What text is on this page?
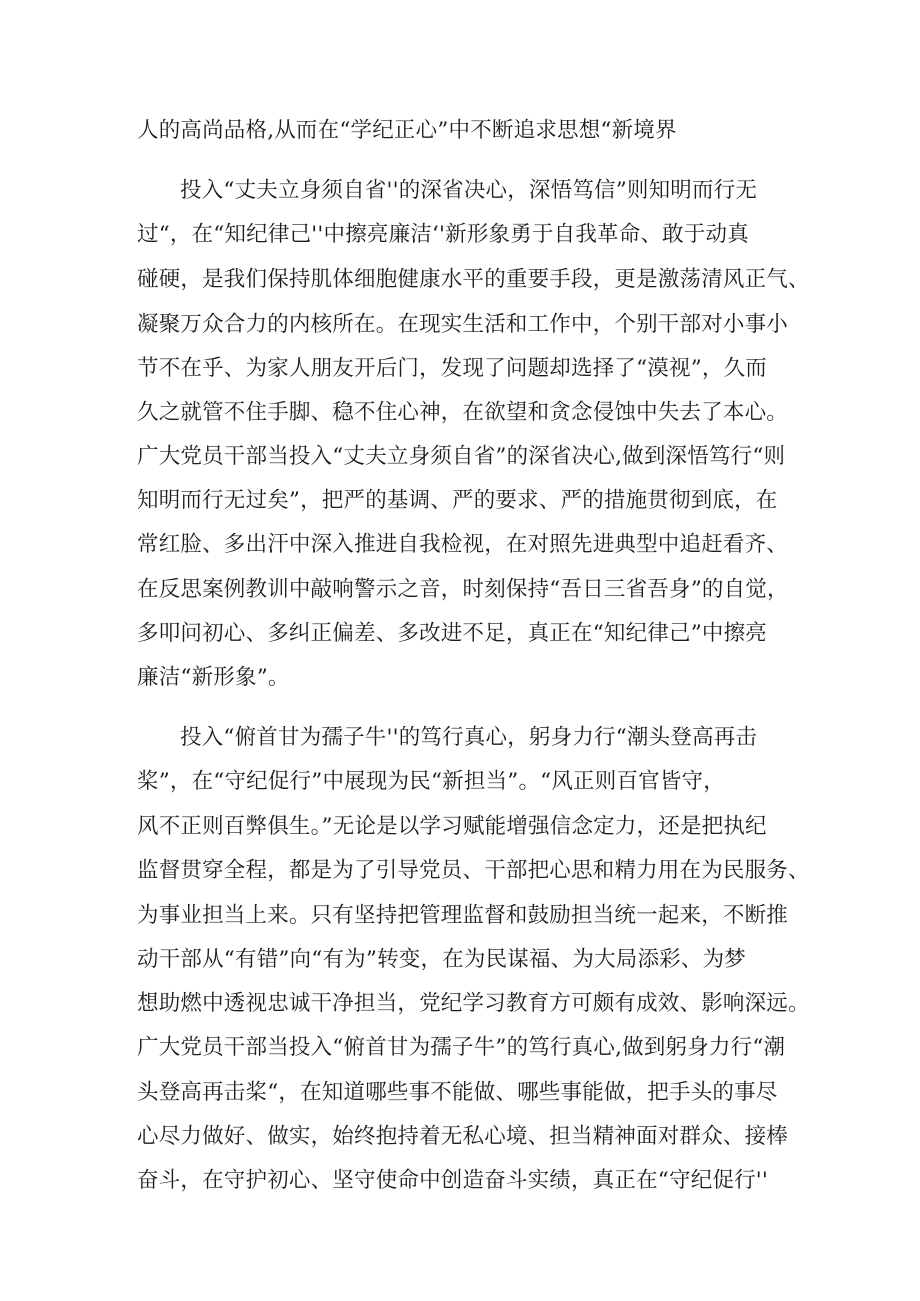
人的高尚品格,从而在“学纪正心”中不断追求思想“新境界
投入“丈夫立身须自省''的深省决心，深悟笃信”则知明而行无
过“，在“知纪律己''中擦亮廉洁‘'新形象勇于自我革命、敢于动真
碰硬，是我们保持肌体细胞健康水平的重要手段，更是激荡清风正气、
凝聚万众合力的内核所在。在现实生活和工作中，个别干部对小事小
节不在乎、为家人朋友开后门，发现了问题却选择了“漠视”，久而
久之就管不住手脚、稳不住心神，在欲望和贪念侵蚀中失去了本心。
广大党员干部当投入“丈夫立身须自省”的深省决心,做到深悟笃行“则
知明而行无过矣”，把严的基调、严的要求、严的措施贯彻到底，在
常红脸、多出汗中深入推进自我检视，在对照先进典型中追赶看齐、
在反思案例教训中敲响警示之音，时刻保持“吾日三省吾身”的自觉，
多叩问初心、多纠正偏差、多改进不足，真正在“知纪律己”中擦亮
廉洁“新形象”。
投入“俯首甘为孺子牛''的笃行真心，躬身力行“潮头登高再击
桨”，在“守纪促行”中展现为民“新担当”。“风正则百官皆守，
风不正则百弊俱生。”无论是以学习赋能增强信念定力，还是把执纪
监督贯穿全程，都是为了引导党员、干部把心思和精力用在为民服务、
为事业担当上来。只有坚持把管理监督和鼓励担当统一起来，不断推
动干部从“有错”向“有为”转变，在为民谋福、为大局添彩、为梦
想助燃中透视忠诚干净担当，党纪学习教育方可颇有成效、影响深远。
广大党员干部当投入“俯首甘为孺子牛”的笃行真心,做到躬身力行“潮
头登高再击桨“，在知道哪些事不能做、哪些事能做，把手头的事尽
心尽力做好、做实，始终抱持着无私心境、担当精神面对群众、接棒
奋斗，在守护初心、坚守使命中创造奋斗实绩，真正在“守纪促行''
